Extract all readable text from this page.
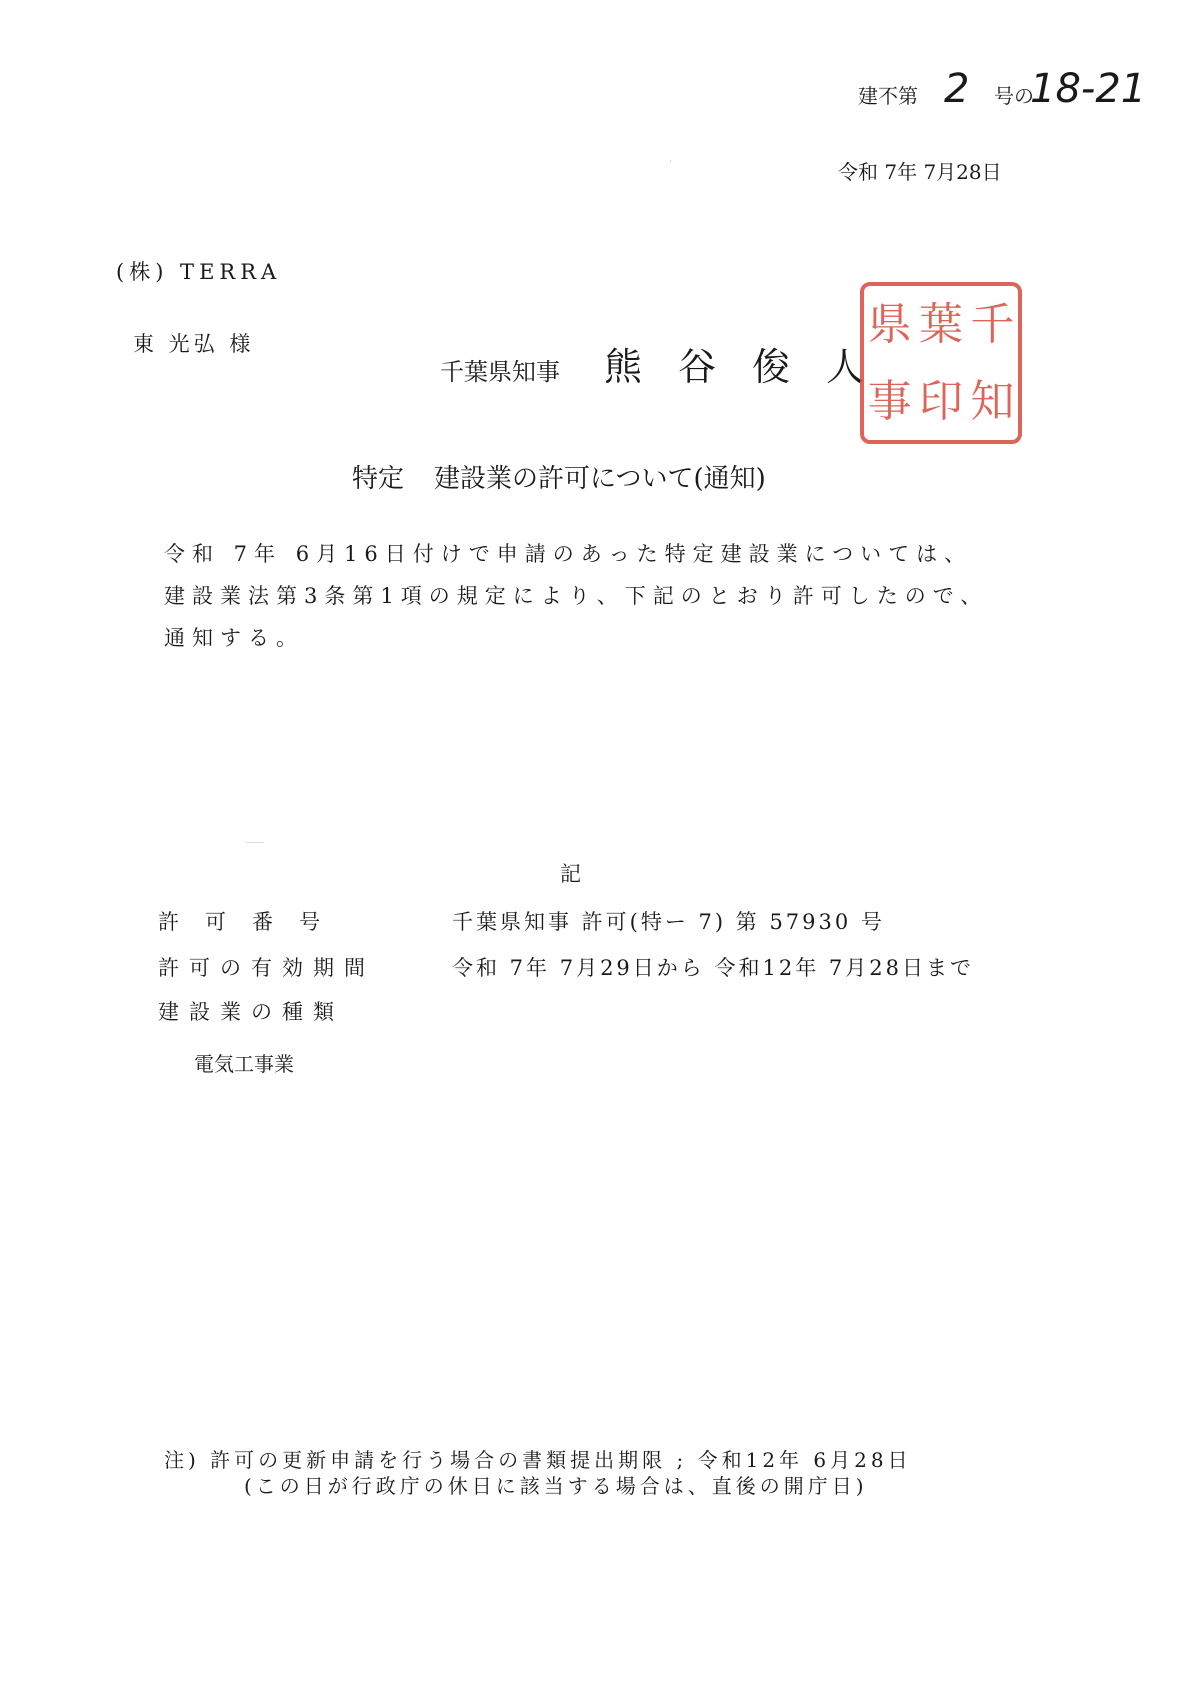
建不第 2 号の
18-21
令和 7年 7月28日
(株) TERRA
東 光弘 様
千葉県知事 熊谷俊人
県 葉 千
事 印 知
特定 建設業の許可について(通知)
令和 7年 6月16日付けで申請のあった特定建設業については、
建設業法第3条第1項の規定により、下記のとおり許可したので、
通知する。
記
許可番号	千葉県知事 許可(特ー 7) 第 57930 号
許可の有効期間	令和 7年 7月29日から 令和12年 7月28日まで
建設業の種類
電気工事業
注) 許可の更新申請を行う場合の書類提出期限 ; 令和12年 6月28日
(この日が行政庁の休日に該当する場合は、直後の開庁日)
